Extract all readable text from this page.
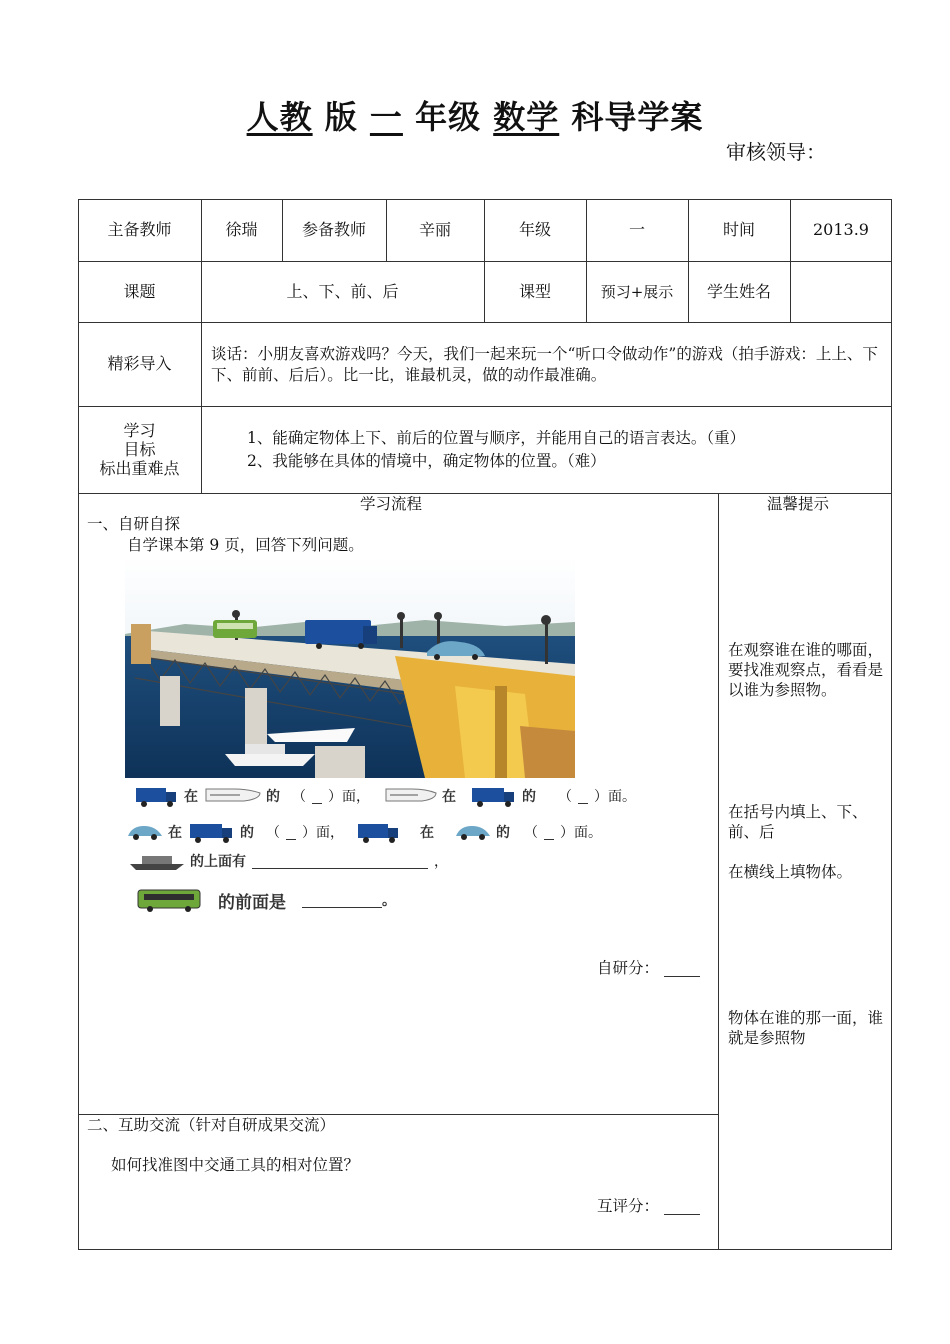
人教 版 一 年级 数学 科导学案
审核领导：
主备教师	徐瑞	参备教师	辛丽	年级	一	时间	2013.9
课题	上、下、前、后	课型	预习+展示	学生姓名
精彩导入	谈话：小朋友喜欢游戏吗？今天，我们一起来玩一个“听口令做动作”的游戏（拍手游戏：上上、下下、前前、后后）。比一比，谁最机灵，做的动作最准确。
学习
目标
标出重难点
1、能确定物体上下、前后的位置与顺序，并能用自己的语言表达。（重）
2、我能够在具体的情境中，确定物体的位置。（难）
学习流程	温馨提示
一、自研自探
自学课本第 9 页，回答下列问题。
在	的 （ ）面，	在	的 （ ）面。
在	的 （ ）面，	在	的 （ ）面。
的上面有	，
的前面是	。
自研分：
二、互助交流（针对自研成果交流）
如何找准图中交通工具的相对位置？
互评分：
在观察谁在谁的哪面，要找准观察点，看看是以谁为参照物。
在括号内填上、下、前、后
在横线上填物体。
物体在谁的那一面，谁就是参照物
